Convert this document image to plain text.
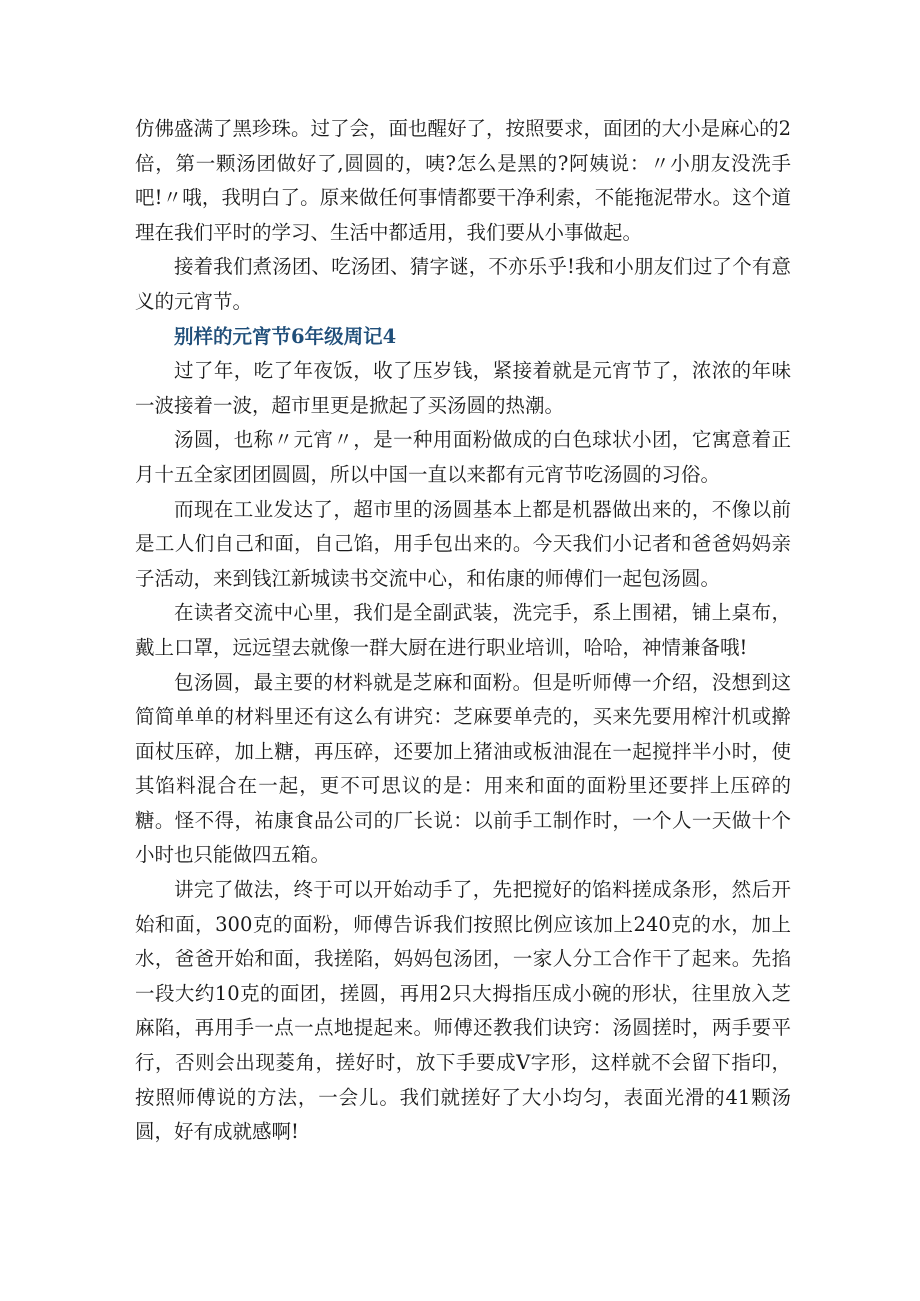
仿佛盛满了黑珍珠。过了会，面也醒好了，按照要求，面团的大小是麻心的2倍，第一颗汤团做好了,圆圆的，咦?怎么是黑的?阿姨说：〃小朋友没洗手吧!〃哦，我明白了。原来做任何事情都要干净利索，不能拖泥带水。这个道理在我们平时的学习、生活中都适用，我们要从小事做起。

接着我们煮汤团、吃汤团、猜字谜，不亦乐乎!我和小朋友们过了个有意义的元宵节。

别样的元宵节6年级周记4

过了年，吃了年夜饭，收了压岁钱，紧接着就是元宵节了，浓浓的年味一波接着一波，超市里更是掀起了买汤圆的热潮。

汤圆，也称〃元宵〃，是一种用面粉做成的白色球状小团，它寓意着正月十五全家团团圆圆，所以中国一直以来都有元宵节吃汤圆的习俗。

而现在工业发达了，超市里的汤圆基本上都是机器做出来的，不像以前是工人们自己和面，自己馅，用手包出来的。今天我们小记者和爸爸妈妈亲子活动，来到钱江新城读书交流中心，和佑康的师傅们一起包汤圆。

在读者交流中心里，我们是全副武装，洗完手，系上围裙，铺上桌布，戴上口罩，远远望去就像一群大厨在进行职业培训，哈哈，神情兼备哦!

包汤圆，最主要的材料就是芝麻和面粉。但是听师傅一介绍，没想到这简简单单的材料里还有这么有讲究：芝麻要单壳的，买来先要用榨汁机或擀面杖压碎，加上糖，再压碎，还要加上猪油或板油混在一起搅拌半小时，使其馅料混合在一起，更不可思议的是：用来和面的面粉里还要拌上压碎的糖。怪不得，祐康食品公司的厂长说：以前手工制作时，一个人一天做十个小时也只能做四五箱。

讲完了做法，终于可以开始动手了，先把搅好的馅料搓成条形，然后开始和面，300克的面粉，师傅告诉我们按照比例应该加上240克的水，加上水，爸爸开始和面，我搓陷，妈妈包汤团，一家人分工合作干了起来。先掐一段大约10克的面团，搓圆，再用2只大拇指压成小碗的形状，往里放入芝麻陷，再用手一点一点地提起来。师傅还教我们诀窍：汤圆搓时，两手要平行，否则会出现菱角，搓好时，放下手要成V字形，这样就不会留下指印，按照师傅说的方法，一会儿。我们就搓好了大小均匀，表面光滑的41颗汤圆，好有成就感啊!
